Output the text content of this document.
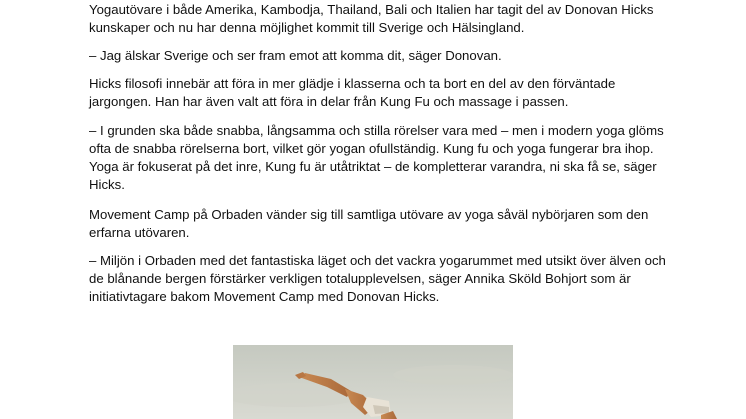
Yogautövare i både Amerika, Kambodja, Thailand, Bali och Italien har tagit del av Donovan Hicks kunskaper och nu har denna möjlighet kommit till Sverige och Hälsingland.

– Jag älskar Sverige och ser fram emot att komma dit, säger Donovan.

Hicks filosofi innebär att föra in mer glädje i klasserna och ta bort en del av den förväntade jargongen. Han har även valt att föra in delar från Kung Fu och massage i passen.

– I grunden ska både snabba, långsamma och stilla rörelser vara med – men i modern yoga glöms ofta de snabba rörelserna bort, vilket gör yogan ofullständig. Kung fu och yoga fungerar bra ihop. Yoga är fokuserat på det inre, Kung fu är utåtriktat – de kompletterar varandra, ni ska få se, säger Hicks.

Movement Camp på Orbaden vänder sig till samtliga utövare av yoga såväl nybörjaren som den erfarna utövaren.

– Miljön i Orbaden med det fantastiska läget och det vackra yogarummet med utsikt över älven och de blånande bergen förstärker verkligen totalupplevelsen, säger Annika Sköld Bohjort som är initiativtagare bakom Movement Camp med Donovan Hicks.
